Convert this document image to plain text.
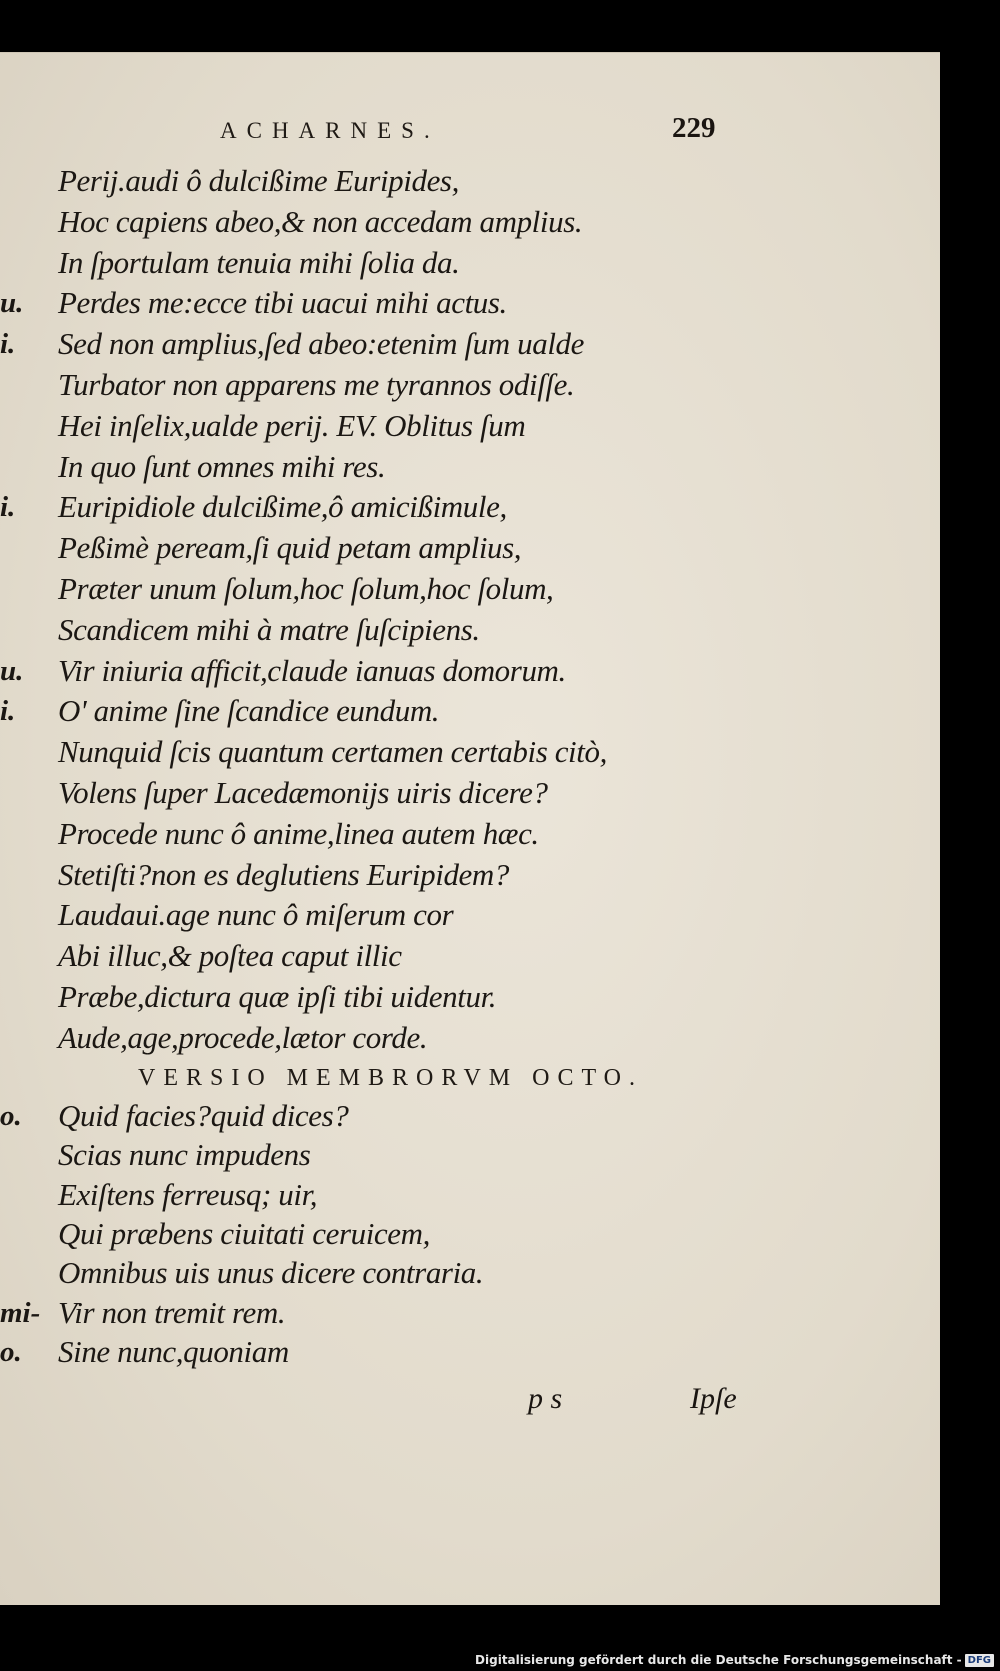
ACHARNES.	229
Perij.audi ô dulcißime Euripides,
Hoc capiens abeo,& non accedam amplius.
In ſportulam tenuia mihi ſolia da.
Perdes me:ecce tibi uacui mihi actus.
Sed non amplius,ſed abeo:etenim ſum ualde
Turbator non apparens me tyrannos odiſſe.
Hei inſelix,ualde perij. EV. Oblitus ſum
In quo ſunt omnes mihi res.
Euripidiole dulcißime,ô amicißimule,
Peßimè peream,ſi quid petam amplius,
Præter unum ſolum,hoc ſolum,hoc ſolum,
Scandicem mihi à matre ſuſcipiens.
Vir iniuria afficit,claude ianuas domorum.
O' anime ſine ſcandice eundum.
Nunquid ſcis quantum certamen certabis citò,
Volens ſuper Lacedæmonijs uiris dicere?
Procede nunc ô anime,linea autem hæc.
Stetiſti?non es deglutiens Euripidem?
Laudaui.age nunc ô miſerum cor
Abi illuc,& poſtea caput illic
Præbe,dictura quæ ipſi tibi uidentur.
Aude,age,procede,lætor corde.
u.
i.
i.
u.
i.
VERSIO MEMBRORVM OCTO.
Quid facies?quid dices?
Scias nunc impudens
Exiſtens ferreusq; uir,
Qui præbens ciuitati ceruicem,
Omnibus uis unus dicere contraria.
Vir non tremit rem.
Sine nunc,quoniam
o.
mi-
o.
p s	Ipſe
Digitalisierung gefördert durch die Deutsche Forschungsgemeinschaft - DFG
